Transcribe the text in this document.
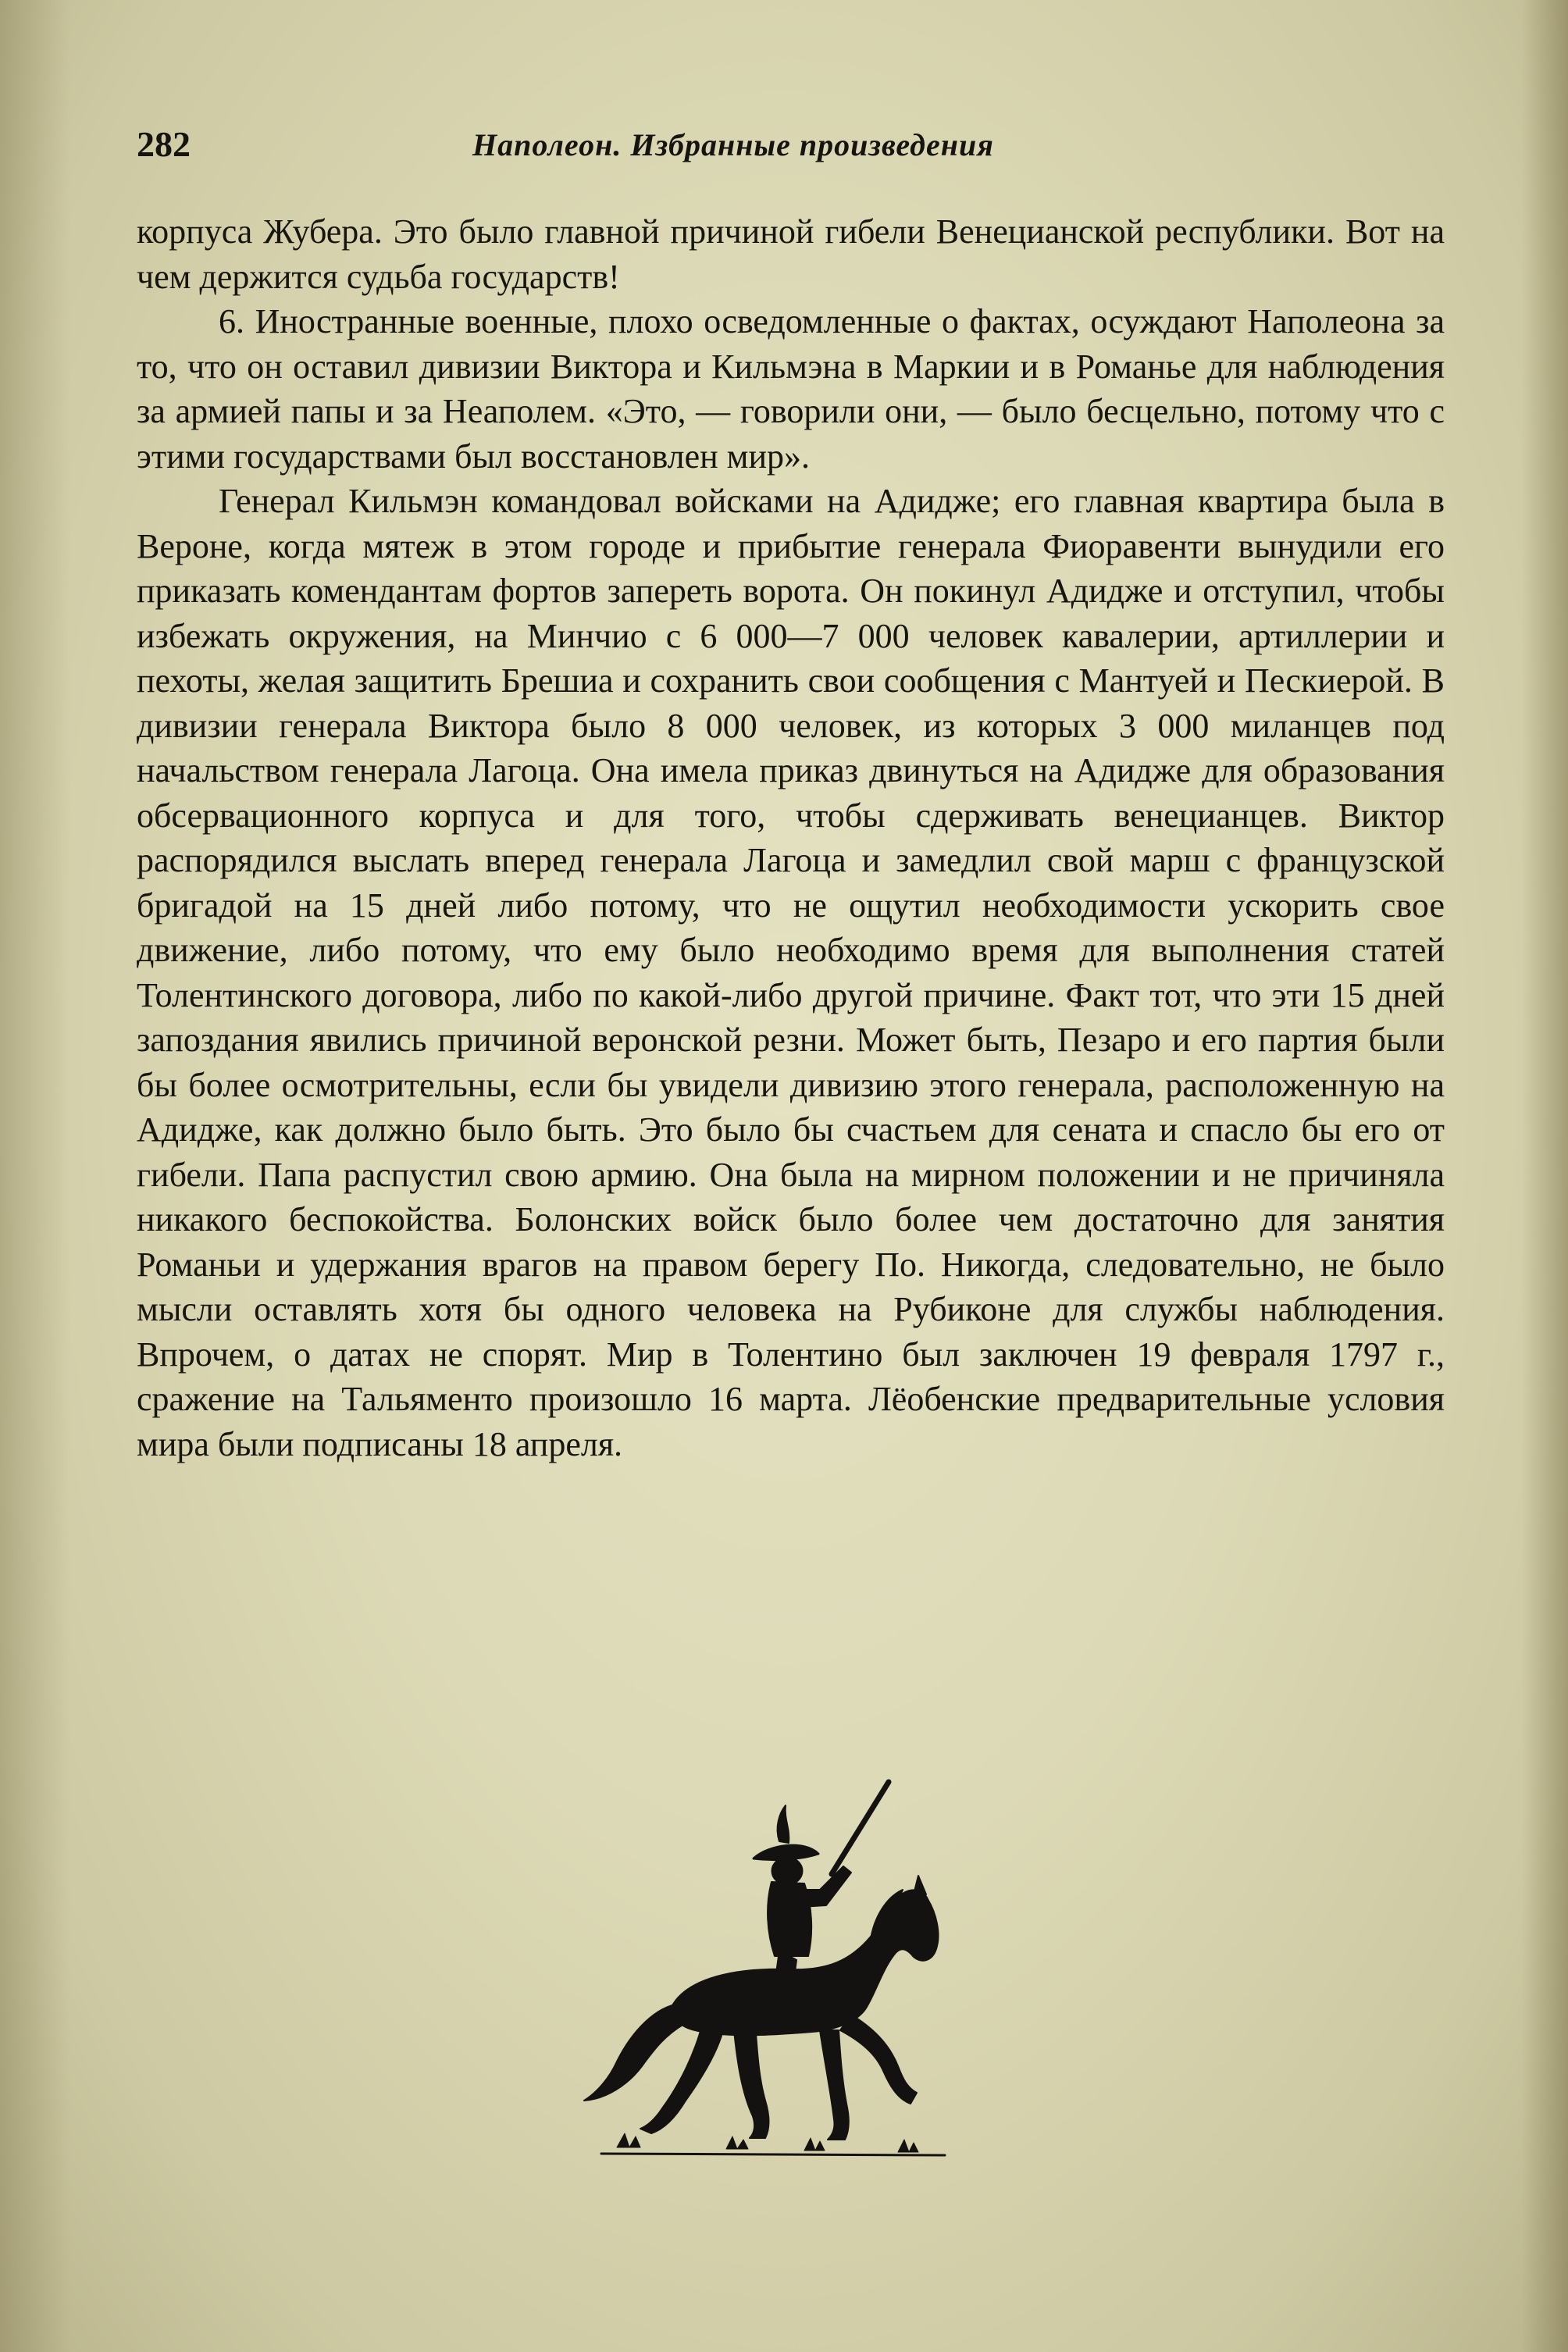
282	Наполеон. Избранные произведения

корпуса Жубера. Это было главной причиной гибели Венецианской республики. Вот на чем держится судьба государств!

6. Иностранные военные, плохо осведомленные о фактах, осуждают Наполеона за то, что он оставил дивизии Виктора и Кильмэна в Маркии и в Романье для наблюдения за армией папы и за Неаполем. «Это, — говорили они, — было бесцельно, потому что с этими государствами был восстановлен мир».

Генерал Кильмэн командовал войсками на Адидже; его главная квартира была в Вероне, когда мятеж в этом городе и прибытие генерала Фиоравенти вынудили его приказать комендантам фортов запереть ворота. Он покинул Адидже и отступил, чтобы избежать окружения, на Минчио с 6 000—7 000 человек кавалерии, артиллерии и пехоты, желая защитить Брешиа и сохранить свои сообщения с Мантуей и Пескиерой. В дивизии генерала Виктора было 8 000 человек, из которых 3 000 миланцев под начальством генерала Лагоца. Она имела приказ двинуться на Адидже для образования обсервационного корпуса и для того, чтобы сдерживать венецианцев. Виктор распорядился выслать вперед генерала Лагоца и замедлил свой марш с французской бригадой на 15 дней либо потому, что не ощутил необходимости ускорить свое движение, либо потому, что ему было необходимо время для выполнения статей Толентинского договора, либо по какой-либо другой причине. Факт тот, что эти 15 дней запоздания явились причиной веронской резни. Может быть, Пезаро и его партия были бы более осмотрительны, если бы увидели дивизию этого генерала, расположенную на Адидже, как должно было быть. Это было бы счастьем для сената и спасло бы его от гибели. Папа распустил свою армию. Она была на мирном положении и не причиняла никакого беспокойства. Болонских войск было более чем достаточно для занятия Романьи и удержания врагов на правом берегу По. Никогда, следовательно, не было мысли оставлять хотя бы одного человека на Рубиконе для службы наблюдения. Впрочем, о датах не спорят. Мир в Толентино был заключен 19 февраля 1797 г., сражение на Тальяменто произошло 16 марта. Лёобенские предварительные условия мира были подписаны 18 апреля.
